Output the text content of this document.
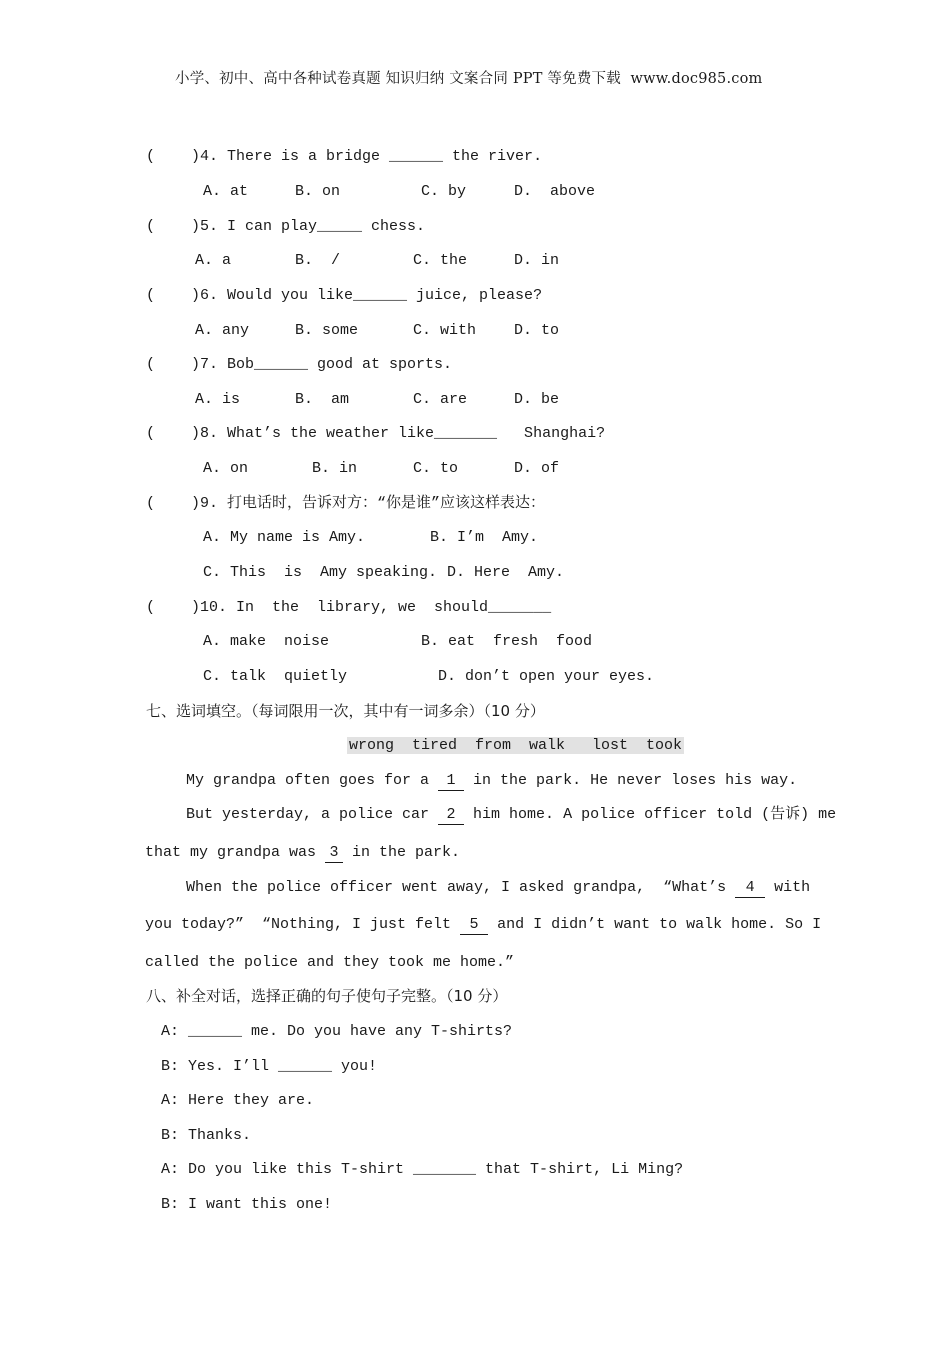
小学、初中、高中各种试卷真题 知识归纳 文案合同 PPT 等免费下载  www.doc985.com
(    )4. There is a bridge ______ the river.
A. at	B. on	C. by	D.  above
(    )5. I can play_____ chess.
A. a	B.  /	C. the	D. in
(    )6. Would you like______ juice, please?
A. any	B. some	C. with	D. to
(    )7. Bob______ good at sports.
A. is	B.  am	C. are	D. be
(    )8. What’s the weather like_______   Shanghai?
A. on	B. in	C. to	D. of
(    )9. 打电话时，告诉对方：“你是谁”应该这样表达：
A. My name is Amy.	B. I’m  Amy.
C. This  is  Amy speaking. D. Here  Amy.
(    )10. In  the  library, we  should_______
A. make  noise	B. eat  fresh  food
C. talk  quietly	D. don’t open your eyes.
七、选词填空。（每词限用一次，其中有一词多余）（10 分）
wrong  tired  from  walk   lost  took
My grandpa often goes for a 1 in the park. He never loses his way.
But yesterday, a police car 2 him home. A police officer told (告诉) me
that my grandpa was 3 in the park.
When the police officer went away, I asked grandpa,  “What’s 4 with
you today?”  “Nothing, I just felt 5 and I didn’t want to walk home. So I
called the police and they took me home.”
八、补全对话，选择正确的句子使句子完整。（10 分）
A: ______ me. Do you have any T-shirts?
B: Yes. I’ll ______ you!
A: Here they are.
B: Thanks.
A: Do you like this T-shirt _______ that T-shirt, Li Ming?
B: I want this one!
